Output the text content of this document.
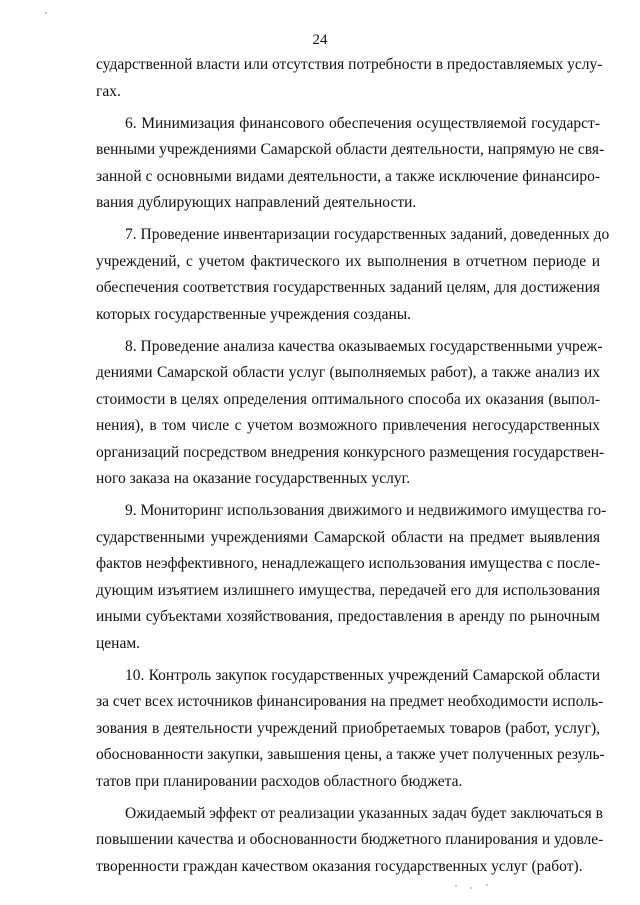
24
сударственной власти или отсутствия потребности в предоставляемых услу-
гах.
6. Минимизация финансового обеспечения осуществляемой государст-
венными учреждениями Самарской области деятельности, напрямую не свя-
занной с основными видами деятельности, а также исключение финансиро-
вания дублирующих направлений деятельности.
7. Проведение инвентаризации государственных заданий, доведенных до
учреждений, с учетом фактического их выполнения в отчетном периоде и
обеспечения соответствия государственных заданий целям, для достижения
которых государственные учреждения созданы.
8. Проведение анализа качества оказываемых государственными учреж-
дениями Самарской области услуг (выполняемых работ), а также анализ их
стоимости в целях определения оптимального способа их оказания (выпол-
нения), в том числе с учетом возможного привлечения негосударственных
организаций посредством внедрения конкурсного размещения государствен-
ного заказа на оказание государственных услуг.
9. Мониторинг использования движимого и недвижимого имущества го-
сударственными учреждениями Самарской области на предмет выявления
фактов неэффективного, ненадлежащего использования имущества с после-
дующим изъятием излишнего имущества, передачей его для использования
иными субъектами хозяйствования, предоставления в аренду по рыночным
ценам.
10. Контроль закупок государственных учреждений Самарской области
за счет всех источников финансирования на предмет необходимости исполь-
зования в деятельности учреждений приобретаемых товаров (работ, услуг),
обоснованности закупки, завышения цены, а также учет полученных резуль-
татов при планировании расходов областного бюджета.
Ожидаемый эффект от реализации указанных задач будет заключаться в
повышении качества и обоснованности бюджетного планирования и удовле-
творенности граждан качеством оказания государственных услуг (работ).
